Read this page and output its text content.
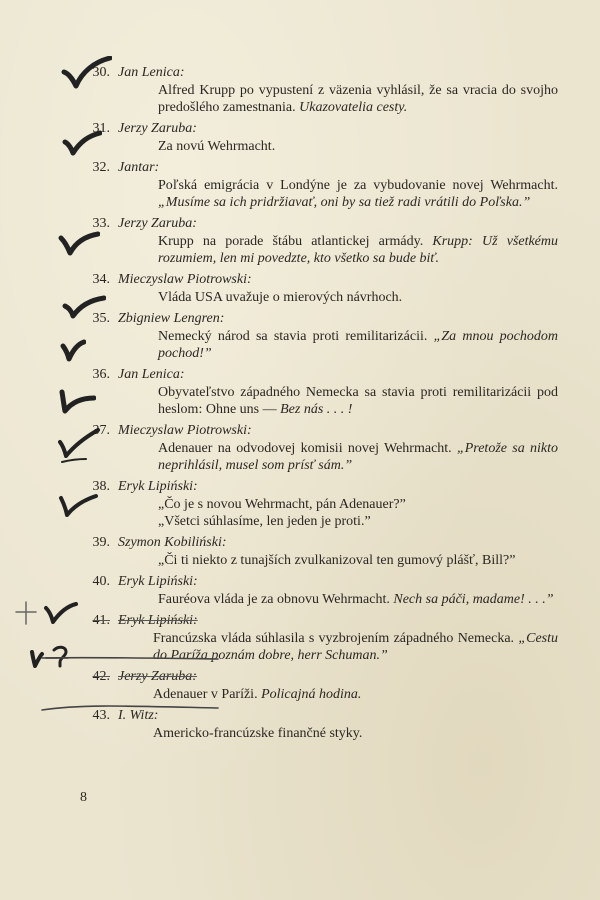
30. Jan Lenica:
Alfred Krupp po vypustení z väzenia vyhlásil, že sa vracia do svojho predošlého zamestnania. Ukazovatelia cesty.
31. Jerzy Zaruba:
Za novú Wehrmacht.
32. Jantar:
Poľská emigrácia v Londýne je za vybudovanie novej Wehrmacht. „Musíme sa ich pridržiavať, oni by sa tiež radi vrátili do Poľska.”
33. Jerzy Zaruba:
Krupp na porade štábu atlantickej armády. Krupp: Už všetkému rozumiem, len mi povedzte, kto všetko sa bude biť.
34. Mieczyslaw Piotrowski:
Vláda USA uvažuje o mierových návrhoch.
35. Zbigniew Lengren:
Nemecký národ sa stavia proti remilitarizácii. „Za mnou pochodom pochod!”
36. Jan Lenica:
Obyvateľstvo západného Nemecka sa stavia proti remilitarizácii pod heslom: Ohne uns — Bez nás . . . !
37. Mieczyslaw Piotrowski:
Adenauer na odvodovej komisii novej Wehrmacht. „Pretože sa nikto neprihlásil, musel som prísť sám.”
38. Eryk Lipiński:
„Čo je s novou Wehrmacht, pán Adenauer?”
„Všetci súhlasíme, len jeden je proti.”
39. Szymon Kobiliński:
„Či ti niekto z tunajších zvulkanizoval ten gumový plášť, Bill?”
40. Eryk Lipiński:
Fauréova vláda je za obnovu Wehrmacht. Nech sa páči, madame! . . .”
41. Eryk Lipiński:
Francúzska vláda súhlasila s vyzbrojením západného Nemecka. „Cestu do Paríža poznám dobre, herr Schuman.”
42. Jerzy Zaruba:
Adenauer v Paríži. Policajná hodina.
43. I. Witz:
Americko-francúzske finančné styky.
8
